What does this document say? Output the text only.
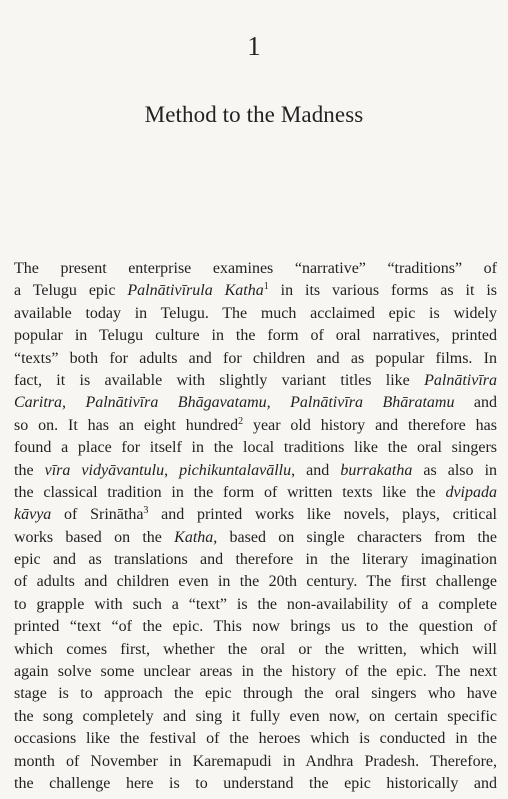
1
Method to the Madness
The present enterprise examines “narrative” “traditions” of
a Telugu epic Palnātivīrula Katha$^1$ in its various forms as it is
available today in Telugu. The much acclaimed epic is widely
popular in Telugu culture in the form of oral narratives, printed
“texts” both for adults and for children and as popular films. In
fact, it is available with slightly variant titles like Palnātivīra
Caritra, Palnātivīra Bhāgavatamu, Palnātivīra Bhāratamu and
so on. It has an eight hundred$^2$ year old history and therefore has
found a place for itself in the local traditions like the oral singers
the vīra vidyāvantulu, pichikuntalavāllu, and burrakatha as also in
the classical tradition in the form of written texts like the dvipada
kāvya of Srinātha$^3$ and printed works like novels, plays, critical
works based on the Katha, based on single characters from the
epic and as translations and therefore in the literary imagination
of adults and children even in the 20th century. The first challenge
to grapple with such a “text” is the non-availability of a complete
printed “text “of the epic. This now brings us to the question of
which comes first, whether the oral or the written, which will
again solve some unclear areas in the history of the epic. The next
stage is to approach the epic through the oral singers who have
the song completely and sing it fully even now, on certain specific
occasions like the festival of the heroes which is conducted in the
month of November in Karemapudi in Andhra Pradesh. Therefore,
the challenge here is to understand the epic historically and
